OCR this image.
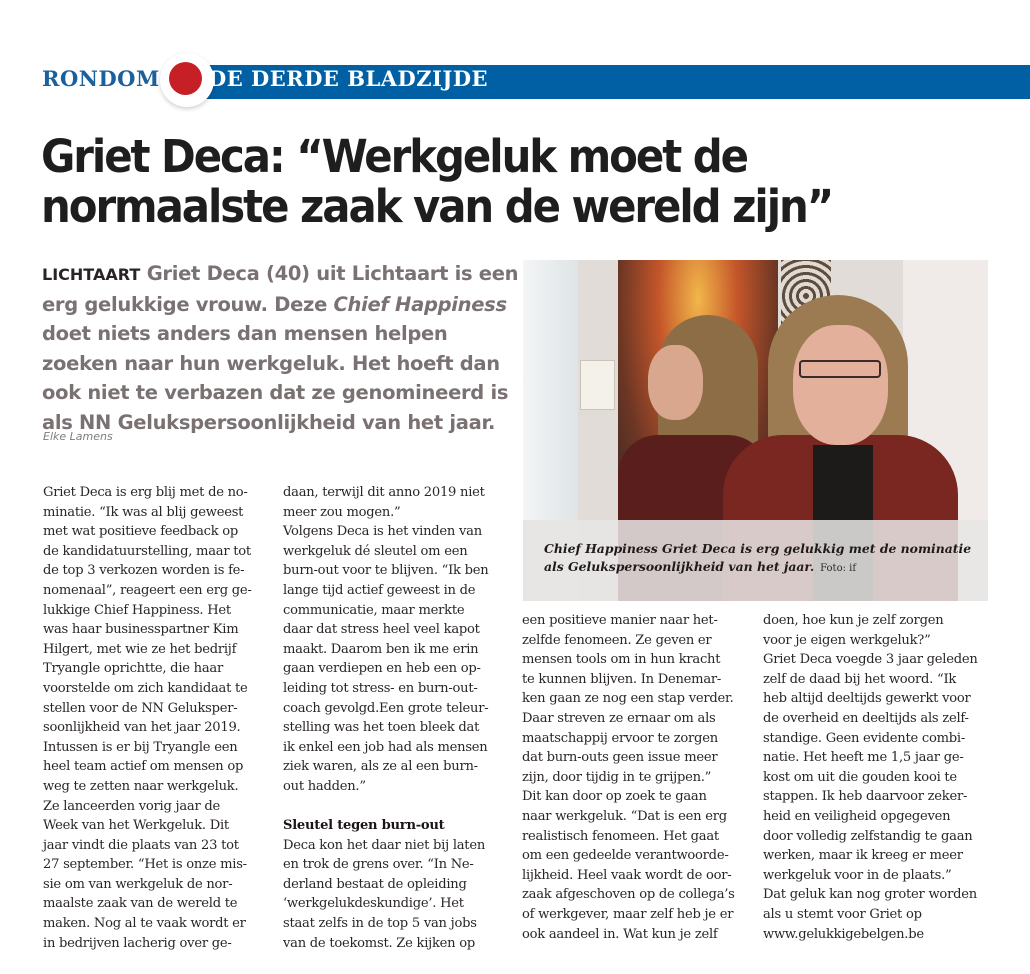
RONDOM DE DERDE BLADZIJDE
Griet Deca: “Werkgeluk moet de
normaalste zaak van de wereld zijn”

LICHTAART Griet Deca (40) uit Lichtaart is een erg gelukkige vrouw. Deze Chief Happiness doet niets anders dan mensen helpen zoeken naar hun werkgeluk. Het hoeft dan ook niet te verbazen dat ze genomineerd is als NN Gelukspersoonlijkheid van het jaar.

Elke Lamens
Chief Happiness Griet Deca is erg gelukkig met de nominatie als Gelukspersoonlijkheid van het jaar. Foto: if
Griet Deca is erg blij met de no-
minatie. “Ik was al blij geweest
met wat positieve feedback op
de kandidatuurstelling, maar tot
de top 3 verkozen worden is fe-
nomenaal”, reageert een erg ge-
lukkige Chief Happiness. Het
was haar businesspartner Kim
Hilgert, met wie ze het bedrijf
Tryangle oprichtte, die haar
voorstelde om zich kandidaat te
stellen voor de NN Geluksper-
soonlijkheid van het jaar 2019.
Intussen is er bij Tryangle een
heel team actief om mensen op
weg te zetten naar werkgeluk.
Ze lanceerden vorig jaar de
Week van het Werkgeluk. Dit
jaar vindt die plaats van 23 tot
27 september. “Het is onze mis-
sie om van werkgeluk de nor-
maalste zaak van de wereld te
maken. Nog al te vaak wordt er
in bedrijven lacherig over ge-
daan, terwijl dit anno 2019 niet
meer zou mogen.”
Volgens Deca is het vinden van
werkgeluk dé sleutel om een
burn-out voor te blijven. “Ik ben
lange tijd actief geweest in de
communicatie, maar merkte
daar dat stress heel veel kapot
maakt. Daarom ben ik me erin
gaan verdiepen en heb een op-
leiding tot stress- en burn-out-
coach gevolgd.Een grote teleur-
stelling was het toen bleek dat
ik enkel een job had als mensen
ziek waren, als ze al een burn-
out hadden.”
Sleutel tegen burn-out
Deca kon het daar niet bij laten
en trok de grens over. “In Ne-
derland bestaat de opleiding
‘werkgelukdeskundige’. Het
staat zelfs in de top 5 van jobs
van de toekomst. Ze kijken op
een positieve manier naar het-
zelfde fenomeen. Ze geven er
mensen tools om in hun kracht
te kunnen blijven. In Denemar-
ken gaan ze nog een stap verder.
Daar streven ze ernaar om als
maatschappij ervoor te zorgen
dat burn-outs geen issue meer
zijn, door tijdig in te grijpen.”
Dit kan door op zoek te gaan
naar werkgeluk. “Dat is een erg
realistisch fenomeen. Het gaat
om een gedeelde verantwoorde-
lijkheid. Heel vaak wordt de oor-
zaak afgeschoven op de collega’s
of werkgever, maar zelf heb je er
ook aandeel in. Wat kun je zelf
doen, hoe kun je zelf zorgen
voor je eigen werkgeluk?”
Griet Deca voegde 3 jaar geleden
zelf de daad bij het woord. “Ik
heb altijd deeltijds gewerkt voor
de overheid en deeltijds als zelf-
standige. Geen evidente combi-
natie. Het heeft me 1,5 jaar ge-
kost om uit die gouden kooi te
stappen. Ik heb daarvoor zeker-
heid en veiligheid opgegeven
door volledig zelfstandig te gaan
werken, maar ik kreeg er meer
werkgeluk voor in de plaats.”
Dat geluk kan nog groter worden
als u stemt voor Griet op
www.gelukkigebelgen.be
